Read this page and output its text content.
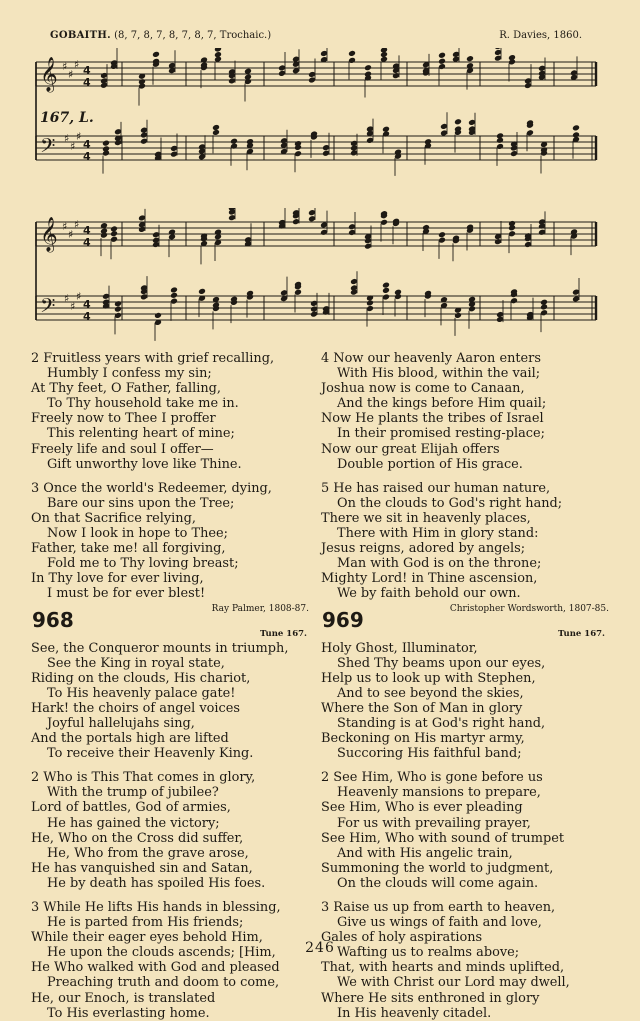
GOBAITH. (8, 7, 8, 7, 8, 7, 8, 7, Trochaic.)	R. Davies, 1860.
167, L.
𝄞 ♯
♯
♯ 4
4
𝄢 ♯
♯
♯
4
4
𝄞 ♯
♯
♯ 4
4
𝄢 ♯
♯
♯
4
4
2 Fruitless years with grief recalling,
Humbly I confess my sin;
At Thy feet, O Father, falling,
To Thy household take me in.
Freely now to Thee I proffer
This relenting heart of mine;
Freely life and soul I offer—
Gift unworthy love like Thine.
3 Once the world's Redeemer, dying,
Bare our sins upon the Tree;
On that Sacrifice relying,
Now I look in hope to Thee;
Father, take me! all forgiving,
Fold me to Thy loving breast;
In Thy love for ever living,
I must be for ever blest!
Ray Palmer, 1808-87.
968
Tune 167.
See, the Conqueror mounts in triumph,
See the King in royal state,
Riding on the clouds, His chariot,
To His heavenly palace gate!
Hark! the choirs of angel voices
Joyful hallelujahs sing,
And the portals high are lifted
To receive their Heavenly King.
2 Who is This That comes in glory,
With the trump of jubilee?
Lord of battles, God of armies,
He has gained the victory;
He, Who on the Cross did suffer,
He, Who from the grave arose,
He has vanquished sin and Satan,
He by death has spoiled His foes.
3 While He lifts His hands in blessing,
He is parted from His friends;
While their eager eyes behold Him,
He upon the clouds ascends; [Him,
He Who walked with God and pleased
Preaching truth and doom to come,
He, our Enoch, is translated
To His everlasting home.
4 Now our heavenly Aaron enters
With His blood, within the vail;
Joshua now is come to Canaan,
And the kings before Him quail;
Now He plants the tribes of Israel
In their promised resting-place;
Now our great Elijah offers
Double portion of His grace.
5 He has raised our human nature,
On the clouds to God's right hand;
There we sit in heavenly places,
There with Him in glory stand:
Jesus reigns, adored by angels;
Man with God is on the throne;
Mighty Lord! in Thine ascension,
We by faith behold our own.
Christopher Wordsworth, 1807-85.
969
Tune 167.
Holy Ghost, Illuminator,
Shed Thy beams upon our eyes,
Help us to look up with Stephen,
And to see beyond the skies,
Where the Son of Man in glory
Standing is at God's right hand,
Beckoning on His martyr army,
Succoring His faithful band;
2 See Him, Who is gone before us
Heavenly mansions to prepare,
See Him, Who is ever pleading
For us with prevailing prayer,
See Him, Who with sound of trumpet
And with His angelic train,
Summoning the world to judgment,
On the clouds will come again.
3 Raise us up from earth to heaven,
Give us wings of faith and love,
Gales of holy aspirations
Wafting us to realms above;
That, with hearts and minds uplifted,
We with Christ our Lord may dwell,
Where He sits enthroned in glory
In His heavenly citadel.
246
